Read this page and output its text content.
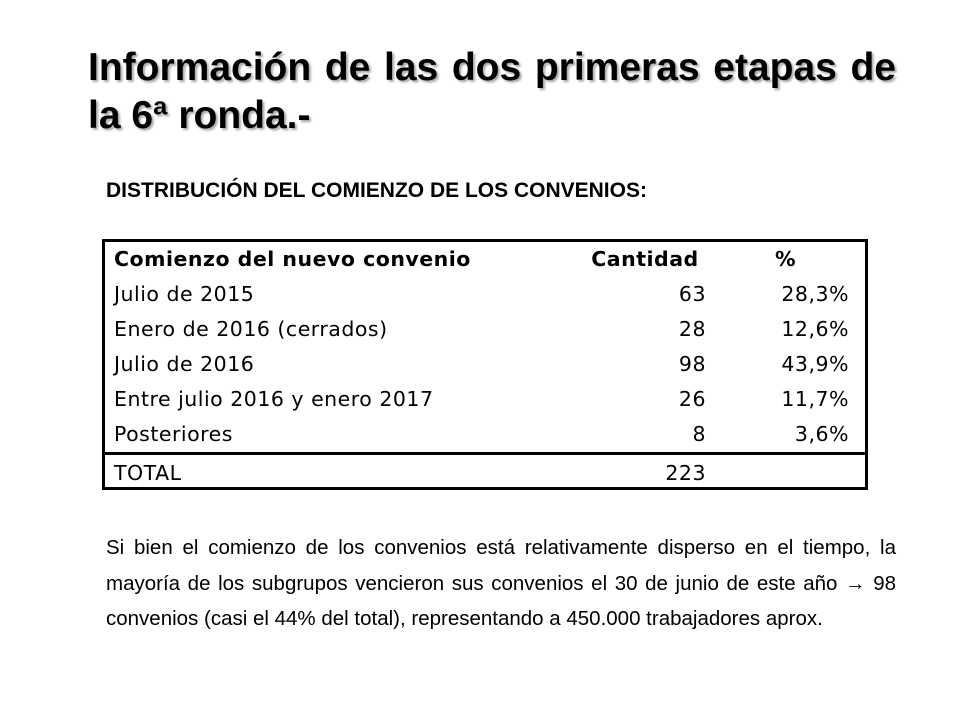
Información de las dos primeras etapas de la 6ª ronda.-
DISTRIBUCIÓN DEL COMIENZO DE LOS CONVENIOS:
Comienzo del nuevo convenio	Cantidad	%
Julio de 2015	63	28,3%
Enero de 2016 (cerrados)	28	12,6%
Julio de 2016	98	43,9%
Entre julio 2016 y enero 2017	26	11,7%
Posteriores	8	3,6%
TOTAL	223	

Si bien el comienzo de los convenios está relativamente disperso en el tiempo, la mayoría de los subgrupos vencieron sus convenios el 30 de junio de este año → 98 convenios (casi el 44% del total), representando a 450.000 trabajadores aprox.
